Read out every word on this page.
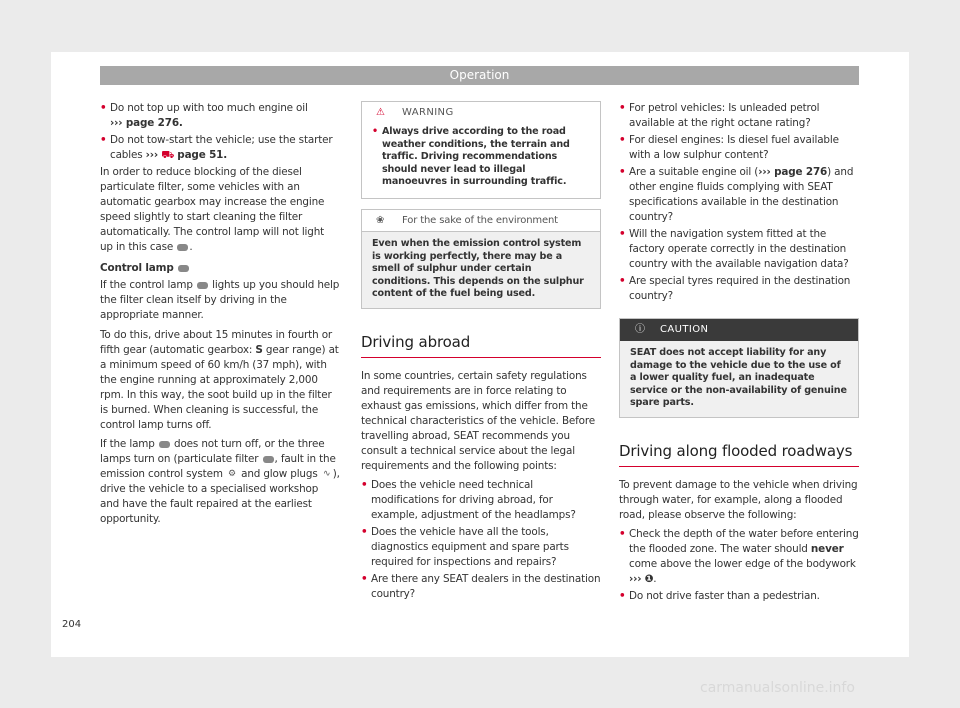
Operation

• Do not top up with too much engine oil
››› page 276.

• Do not tow-start the vehicle; use the starter cables ››› ⛟ page 51.

In order to reduce blocking of the diesel particulate filter, some vehicles with an automatic gearbox may increase the engine speed slightly to start cleaning the filter automatically. The control lamp will not light up in this case .

Control lamp

If the control lamp lights up you should help the filter clean itself by driving in the appropriate manner.

To do this, drive about 15 minutes in fourth or fifth gear (automatic gearbox: S gear range) at a minimum speed of 60 km/h (37 mph), with the engine running at approximately 2,000 rpm. In this way, the soot build up in the filter is burned. When cleaning is successful, the control lamp turns off.

If the lamp does not turn off, or the three lamps turn on (particulate filter , fault in the emission control system ⚙ and glow plugs ∿ ), drive the vehicle to a specialised workshop and have the fault repaired at the earliest opportunity.

⚠ WARNING
• Always drive according to the road weather conditions, the terrain and traffic. Driving recommendations should never lead to illegal manoeuvres in surrounding traffic.
❀ For the sake of the environment
Even when the emission control system is working perfectly, there may be a smell of sulphur under certain conditions. This depends on the sulphur content of the fuel being used.
Driving abroad

In some countries, certain safety regulations and requirements are in force relating to exhaust gas emissions, which differ from the technical characteristics of the vehicle. Before travelling abroad, SEAT recommends you consult a technical service about the legal requirements and the following points:

• Does the vehicle need technical modifications for driving abroad, for example, adjustment of the headlamps?

• Does the vehicle have all the tools, diagnostics equipment and spare parts required for inspections and repairs?

• Are there any SEAT dealers in the destination country?

• For petrol vehicles: Is unleaded petrol available at the right octane rating?

• For diesel engines: Is diesel fuel available with a low sulphur content?

• Are a suitable engine oil (››› page 276) and other engine fluids complying with SEAT specifications available in the destination country?

• Will the navigation system fitted at the factory operate correctly in the destination country with the available navigation data?

• Are special tyres required in the destination country?

ⓘ CAUTION
SEAT does not accept liability for any damage to the vehicle due to the use of a lower quality fuel, an inadequate service or the non-availability of genuine spare parts.
Driving along flooded roadways

To prevent damage to the vehicle when driving through water, for example, along a flooded road, please observe the following:

• Check the depth of the water before entering the flooded zone. The water should never come above the lower edge of the bodywork ››› ❶.

• Do not drive faster than a pedestrian.

204
carmanualsonline.info
